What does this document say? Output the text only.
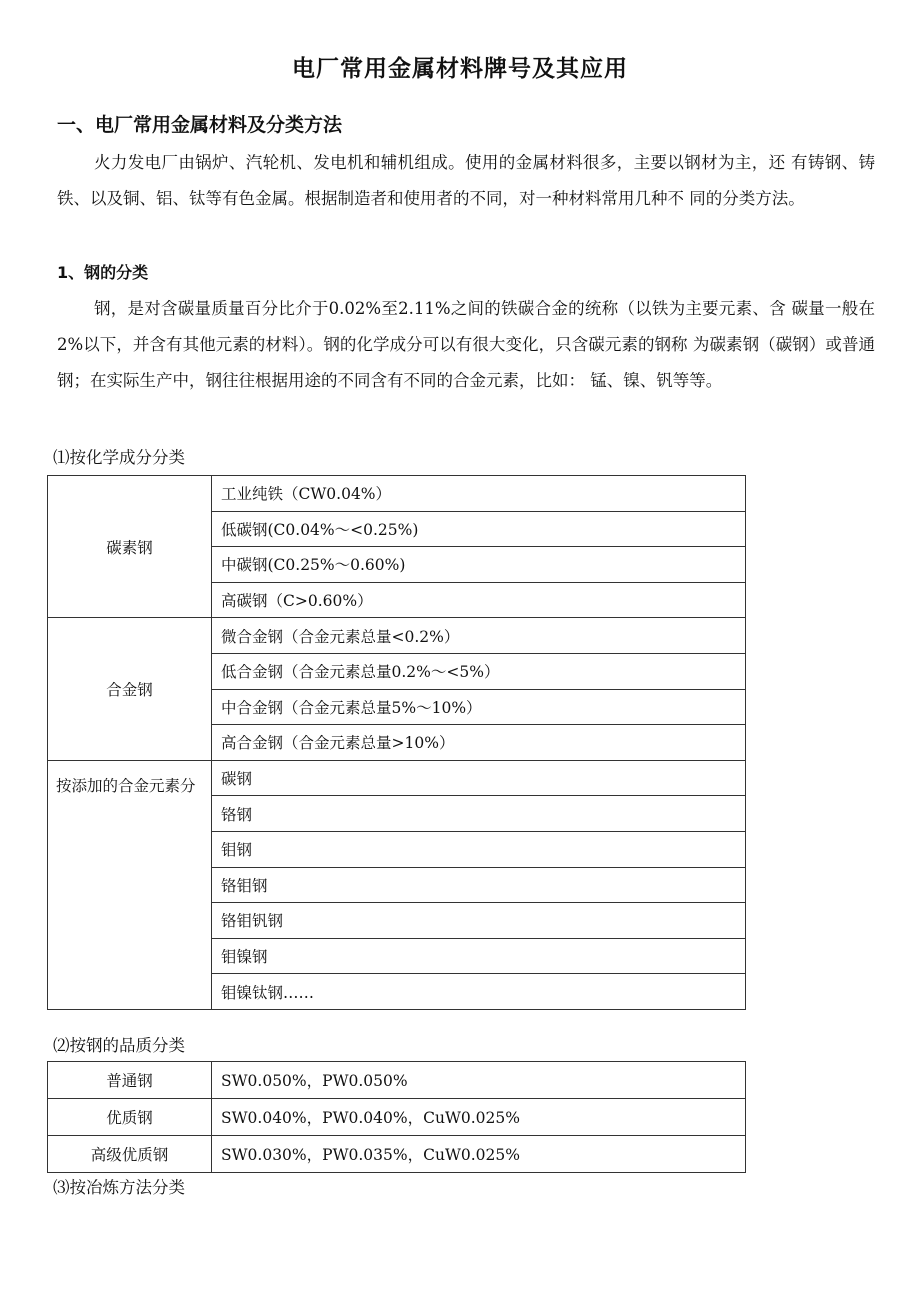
电厂常用金属材料牌号及其应用
一、电厂常用金属材料及分类方法

火力发电厂由锅炉、汽轮机、发电机和辅机组成。使用的金属材料很多，主要以钢材为主，还 有铸钢、铸铁、以及铜、铝、钛等有色金属。根据制造者和使用者的不同，对一种材料常用几种不 同的分类方法。

1、钢的分类

钢，是对含碳量质量百分比介于0.02%至2.11%之间的铁碳合金的统称（以铁为主要元素、含 碳量一般在2%以下，并含有其他元素的材料）。钢的化学成分可以有很大变化，只含碳元素的钢称 为碳素钢（碳钢）或普通钢；在实际生产中，钢往往根据用途的不同含有不同的合金元素，比如： 锰、镍、钒等等。

⑴按化学成分分类
碳素钢	工业纯铁（CW0.04%）
	低碳钢(C0.04%～<0.25%)
	中碳钢(C0.25%～0.60%)
	高碳钢（C>0.60%）
合金钢	微合金钢（合金元素总量<0.2%）
	低合金钢（合金元素总量0.2%～<5%）
	中合金钢（合金元素总量5%～10%）
	高合金钢（合金元素总量>10%）
按添加的合金元素分	碳钢
	铬钢
	钼钢
	铬钼钢
	铬钼钒钢
	钼镍钢
	钼镍钛钢……
⑵按钢的品质分类
普通钢	SW0.050%，PW0.050%
优质钢	SW0.040%，PW0.040%，CuW0.025%
高级优质钢	SW0.030%，PW0.035%，CuW0.025%
⑶按冶炼方法分类
